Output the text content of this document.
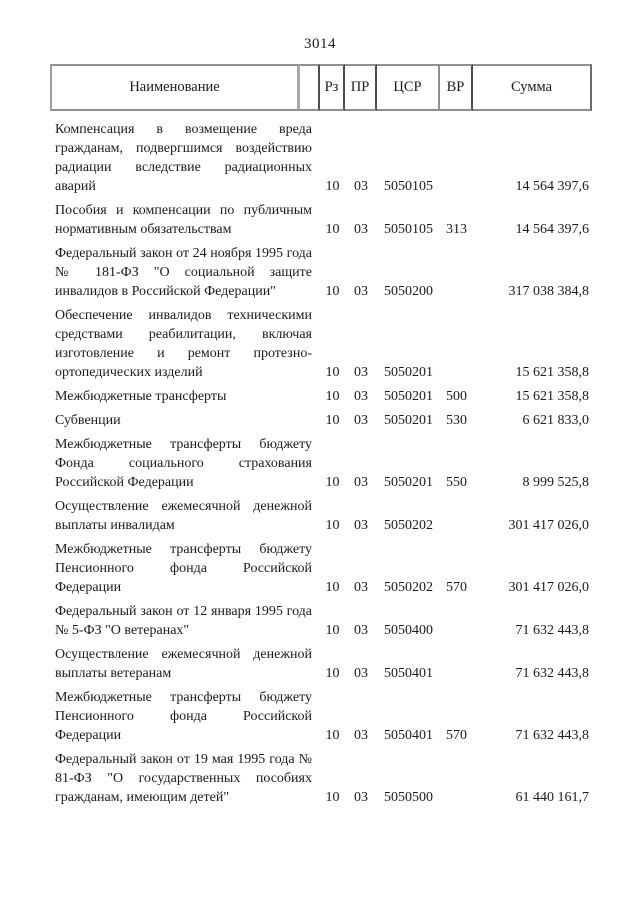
3014
Наименование	Рз ПР	ЦСР	ВР	Сумма
Компенсация в возмещение вреда гражданам, подвергшимся воздействию радиации вследствие радиационных аварий	10	03	5050105	14 564 397,6
Пособия и компенсации по публичным нормативным обязательствам	10	03	5050105 313	14 564 397,6
Федеральный закон от 24 ноября 1995 года № 181-ФЗ "О социальной защите инвалидов в Российской Федерации"	10	03	5050200	317 038 384,8
Обеспечение инвалидов техническими средствами реабилитации, включая изготовление и ремонт протезно-ортопедических изделий	10	03	5050201	15 621 358,8
Межбюджетные трансферты	10	03	5050201 500	15 621 358,8
Субвенции	10	03	5050201 530	6 621 833,0
Межбюджетные трансферты бюджету Фонда социального страхования Российской Федерации	10	03	5050201 550	8 999 525,8
Осуществление ежемесячной денежной выплаты инвалидам	10	03	5050202	301 417 026,0
Межбюджетные трансферты бюджету Пенсионного фонда Российской Федерации	10	03	5050202 570	301 417 026,0
Федеральный закон от 12 января 1995 года № 5-ФЗ "О ветеранах"	10	03	5050400	71 632 443,8
Осуществление ежемесячной денежной выплаты ветеранам	10	03	5050401	71 632 443,8
Межбюджетные трансферты бюджету Пенсионного фонда Российской Федерации	10	03	5050401 570	71 632 443,8
Федеральный закон от 19 мая 1995 года № 81-ФЗ "О государственных пособиях гражданам, имеющим детей"	10	03	5050500	61 440 161,7
